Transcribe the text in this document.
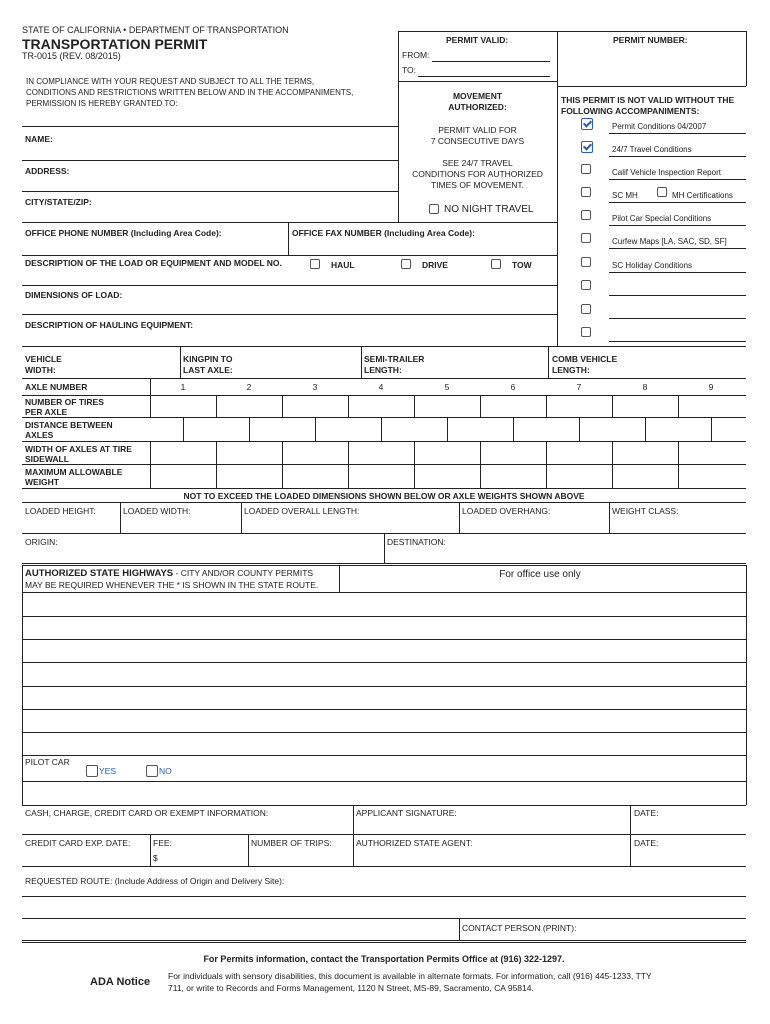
STATE OF CALIFORNIA • DEPARTMENT OF TRANSPORTATION
TRANSPORTATION PERMIT
TR-0015 (REV. 08/2015)
IN COMPLIANCE WITH YOUR REQUEST AND SUBJECT TO ALL THE TERMS,
CONDITIONS AND RESTRICTIONS WRITTEN BELOW AND IN THE ACCOMPANIMENTS,
PERMISSION IS HEREBY GRANTED TO:
PERMIT VALID:	PERMIT NUMBER:
FROM:
TO:
MOVEMENT
AUTHORIZED:
PERMIT VALID FOR
7 CONSECUTIVE DAYS
SEE 24/7 TRAVEL
CONDITIONS FOR AUTHORIZED
TIMES OF MOVEMENT.
NO NIGHT TRAVEL
THIS PERMIT IS NOT VALID WITHOUT THE
FOLLOWING ACCOMPANIMENTS:
Permit Conditions 04/2007
24/7 Travel Conditions
Calif Vehicle Inspection Report
SC MH	MH Certifications
Pilot Car Special Conditions
Curfew Maps [LA, SAC, SD, SF]
SC Holiday Conditions
NAME:
ADDRESS:
CITY/STATE/ZIP:
OFFICE PHONE NUMBER (Including Area Code):	OFFICE FAX NUMBER (Including Area Code):
DESCRIPTION OF THE LOAD OR EQUIPMENT AND MODEL NO.	HAUL	DRIVE	TOW
DIMENSIONS OF LOAD:
DESCRIPTION OF HAULING EQUIPMENT:
VEHICLE
WIDTH:
KINGPIN TO
LAST AXLE:
SEMI-TRAILER
LENGTH:
COMB VEHICLE
LENGTH:
AXLE NUMBER	1	2	3	4	5	6	7	8	9
NUMBER OF TIRES
PER AXLE
DISTANCE BETWEEN
AXLES
WIDTH OF AXLES AT TIRE
SIDEWALL
MAXIMUM ALLOWABLE
WEIGHT
NOT TO EXCEED THE LOADED DIMENSIONS SHOWN BELOW OR AXLE WEIGHTS SHOWN ABOVE
LOADED HEIGHT:	LOADED WIDTH:	LOADED OVERALL LENGTH:	LOADED OVERHANG:	WEIGHT CLASS:
ORIGIN:	DESTINATION:
AUTHORIZED STATE HIGHWAYS - CITY AND/OR COUNTY PERMITS
MAY BE REQUIRED WHENEVER THE * IS SHOWN IN THE STATE ROUTE.
For office use only
PILOT CAR
YES	NO
CASH, CHARGE, CREDIT CARD OR EXEMPT INFORMATION:	APPLICANT SIGNATURE:	DATE:
CREDIT CARD EXP. DATE:	FEE:
$
NUMBER OF TRIPS:	AUTHORIZED STATE AGENT:	DATE:
REQUESTED ROUTE: (Include Address of Origin and Delivery Site):
CONTACT PERSON (PRINT):
For Permits information, contact the Transportation Permits Office at (916) 322-1297.
ADA Notice For individuals with sensory disabilities, this document is available in alternate formats. For information, call (916) 445-1233, TTY
711, or write to Records and Forms Management, 1120 N Street, MS-89, Sacramento, CA 95814.
